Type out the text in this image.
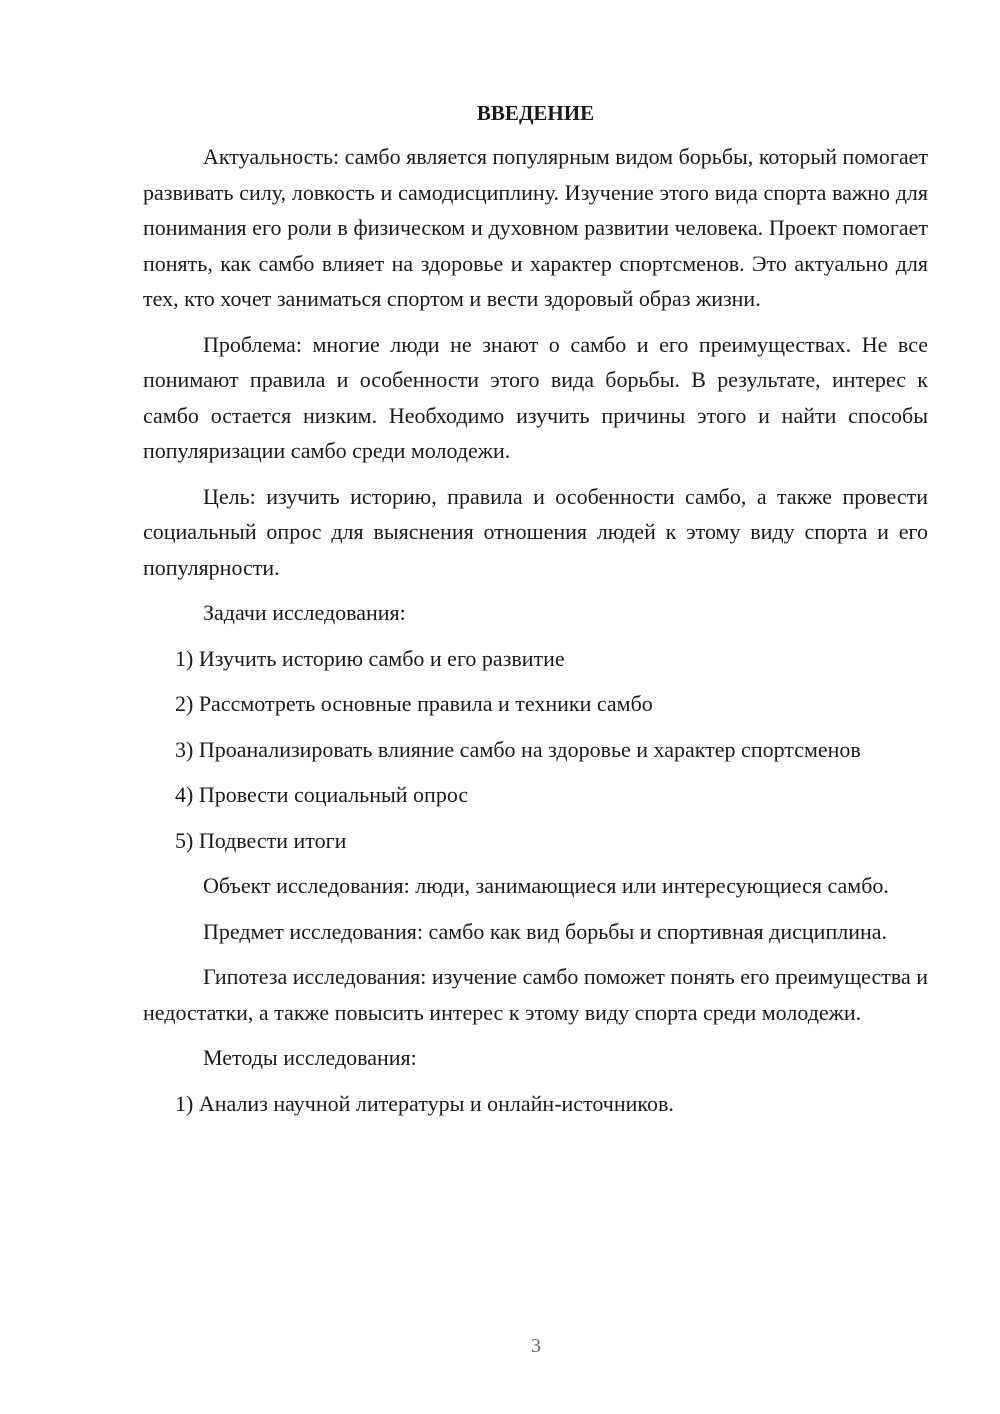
ВВЕДЕНИЕ

Актуальность: самбо является популярным видом борьбы, который помогает развивать силу, ловкость и самодисциплину. Изучение этого вида спорта важно для понимания его роли в физическом и духовном развитии человека. Проект помогает понять, как самбо влияет на здоровье и характер спортсменов. Это актуально для тех, кто хочет заниматься спортом и вести здоровый образ жизни.

Проблема: многие люди не знают о самбо и его преимуществах. Не все понимают правила и особенности этого вида борьбы. В результате, интерес к самбо остается низким. Необходимо изучить причины этого и найти способы популяризации самбо среди молодежи.

Цель: изучить историю, правила и особенности самбо, а также провести социальный опрос для выяснения отношения людей к этому виду спорта и его популярности.

Задачи исследования:

1) Изучить историю самбо и его развитие

2) Рассмотреть основные правила и техники самбо

3) Проанализировать влияние самбо на здоровье и характер спортсменов

4) Провести социальный опрос

5) Подвести итоги

Объект исследования: люди, занимающиеся или интересующиеся самбо.

Предмет исследования: самбо как вид борьбы и спортивная дисциплина.

Гипотеза исследования: изучение самбо поможет понять его преимущества и недостатки, а также повысить интерес к этому виду спорта среди молодежи.

Методы исследования:

1) Анализ научной литературы и онлайн-источников.

3
